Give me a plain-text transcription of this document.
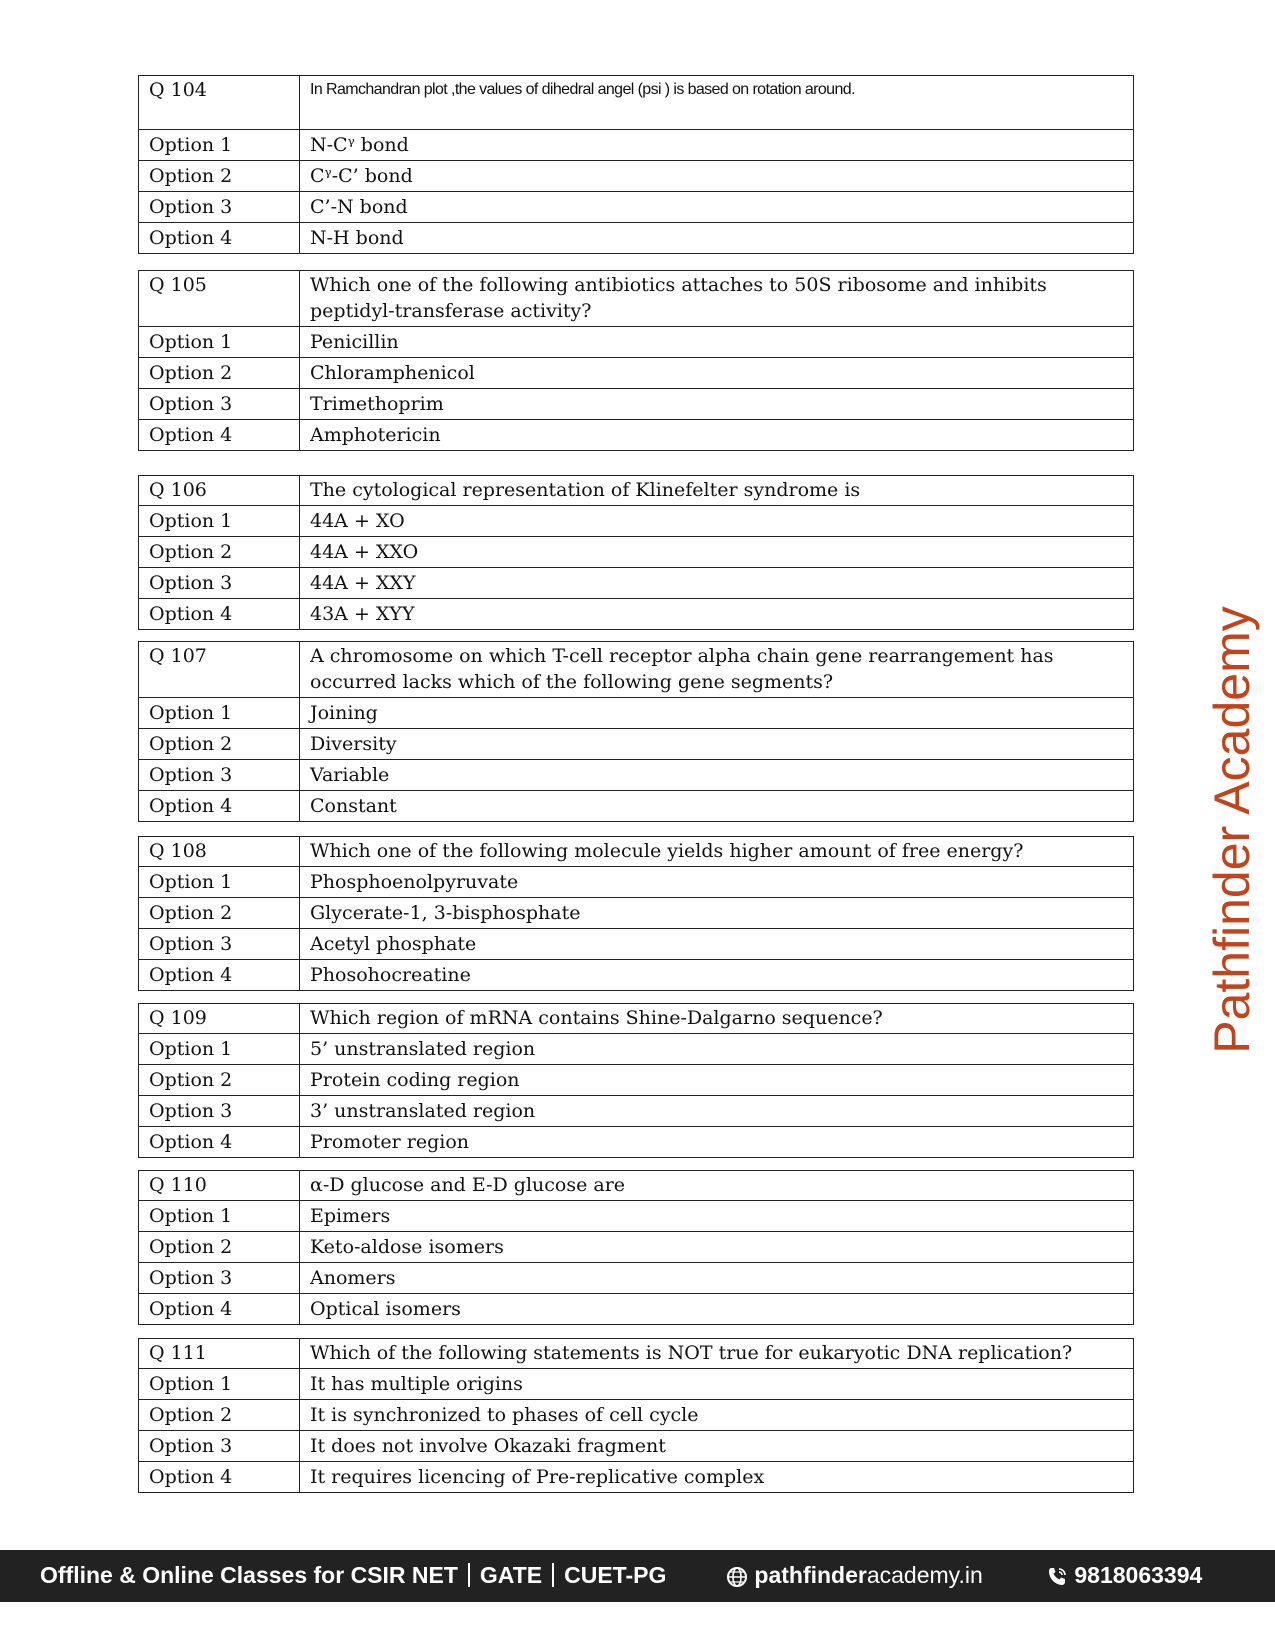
Q 104	In Ramchandran plot ,the values of dihedral angel (psi ) is based on rotation around.
Option 1	N-Cᵞ bond
Option 2	Cᵞ-C’ bond
Option 3	C’-N bond
Option 4	N-H bond
Q 105	Which one of the following antibiotics attaches to 50S ribosome and inhibits peptidyl-transferase activity?
Option 1	Penicillin
Option 2	Chloramphenicol
Option 3	Trimethoprim
Option 4	Amphotericin
Q 106	The cytological representation of Klinefelter syndrome is
Option 1	44A + XO
Option 2	44A + XXO
Option 3	44A + XXY
Option 4	43A + XYY
Q 107	A chromosome on which T-cell receptor alpha chain gene rearrangement has occurred lacks which of the following gene segments?
Option 1	Joining
Option 2	Diversity
Option 3	Variable
Option 4	Constant
Q 108	Which one of the following molecule yields higher amount of free energy?
Option 1	Phosphoenolpyruvate
Option 2	Glycerate-1, 3-bisphosphate
Option 3	Acetyl phosphate
Option 4	Phosohocreatine
Q 109	Which region of mRNA contains Shine-Dalgarno sequence?
Option 1	5’ unstranslated region
Option 2	Protein coding region
Option 3	3’ unstranslated region
Option 4	Promoter region
Q 110	α-D glucose and E-D glucose are
Option 1	Epimers
Option 2	Keto-aldose isomers
Option 3	Anomers
Option 4	Optical isomers
Q 111	Which of the following statements is NOT true for eukaryotic DNA replication?
Option 1	It has multiple origins
Option 2	It is synchronized to phases of cell cycle
Option 3	It does not involve Okazaki fragment
Option 4	It requires licencing of Pre-replicative complex
Pathfinder Academy
Offline & Online Classes for CSIR NET GATE CUET-PG	pathfinderacademy.in	9818063394
